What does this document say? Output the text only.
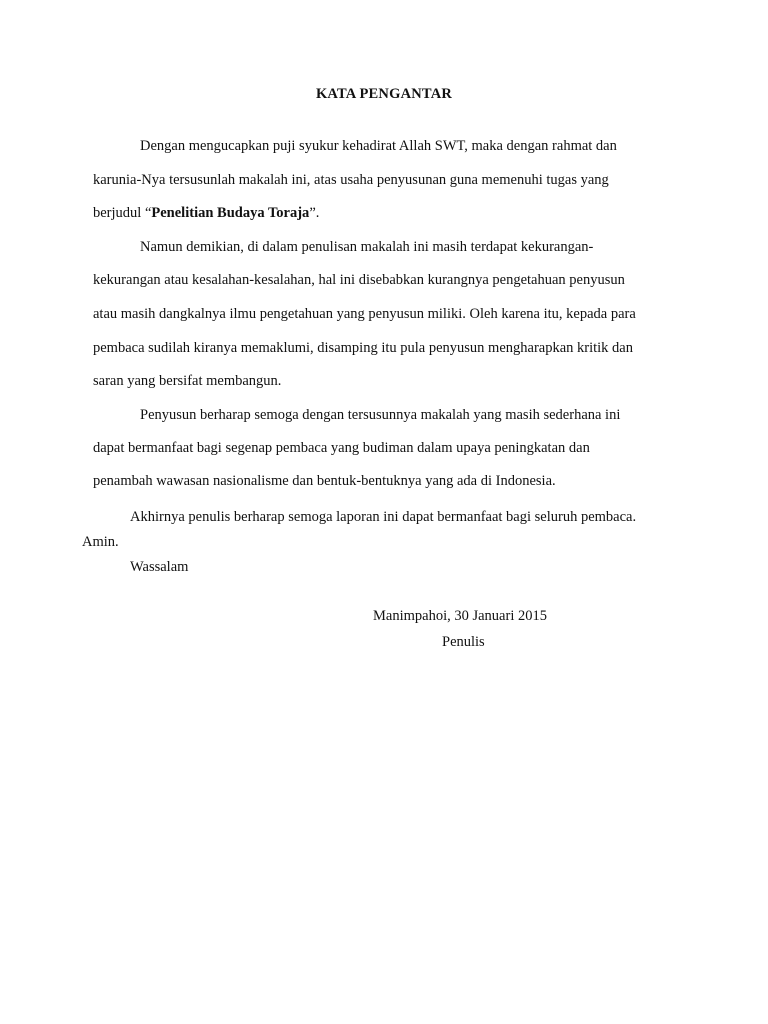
KATA PENGANTAR
Dengan mengucapkan puji syukur kehadirat Allah SWT, maka dengan rahmat dan
karunia-Nya tersusunlah makalah ini, atas usaha penyusunan guna memenuhi tugas yang
berjudul “Penelitian Budaya Toraja”.
Namun demikian, di dalam penulisan makalah ini masih terdapat kekurangan-
kekurangan atau kesalahan-kesalahan, hal ini disebabkan kurangnya pengetahuan penyusun
atau masih dangkalnya ilmu pengetahuan yang penyusun miliki. Oleh karena itu, kepada para
pembaca sudilah kiranya memaklumi, disamping itu pula penyusun mengharapkan kritik dan
saran yang bersifat membangun.
Penyusun berharap semoga dengan tersusunnya makalah yang masih sederhana ini
dapat bermanfaat bagi segenap pembaca yang budiman dalam upaya peningkatan dan
penambah wawasan nasionalisme dan bentuk-bentuknya yang ada di Indonesia.
Akhirnya penulis berharap semoga laporan ini dapat bermanfaat bagi seluruh pembaca.
Amin.
Wassalam
Manimpahoi, 30 Januari 2015
Penulis
